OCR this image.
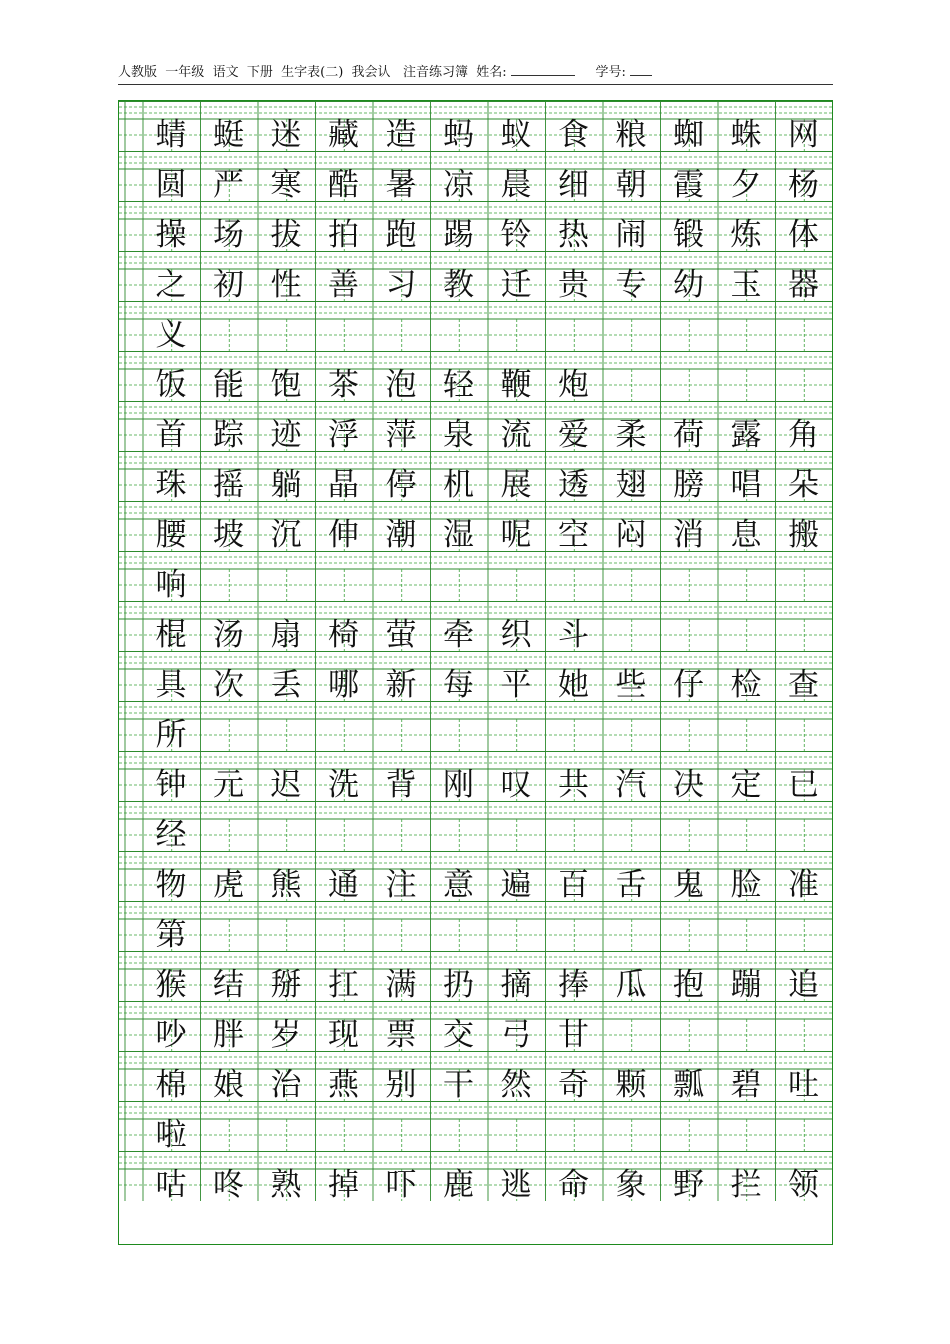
人教版 一年级 语文 下册 生字表(二) 我会认 注音练习簿 姓名:	学号:
蜻 蜓 迷 藏 造 蚂 蚁 食 粮 蜘 蛛 网
圆 严 寒 酷 暑 凉 晨 细 朝 霞 夕 杨
操 场 拔 拍 跑 踢 铃 热 闹 锻 炼 体
之 初 性 善 习 教 迁 贵 专 幼 玉 器
义
饭 能 饱 茶 泡 轻 鞭 炮
首 踪 迹 浮 萍 泉 流 爱 柔 荷 露 角
珠 摇 躺 晶 停 机 展 透 翅 膀 唱 朵
腰 坡 沉 伸 潮 湿 呢 空 闷 消 息 搬
响
棍 汤 扇 椅 萤 牵 织 斗
具 次 丢 哪 新 每 平 她 些 仔 检 查
所
钟 元 迟 洗 背 刚 叹 共 汽 决 定 已
经
物 虎 熊 通 注 意 遍 百 舌 鬼 脸 准
第
猴 结 掰 扛 满 扔 摘 捧 瓜 抱 蹦 追
吵 胖 岁 现 票 交 弓 甘
棉 娘 治 燕 别 干 然 奇 颗 瓢 碧 吐
啦
咕 咚 熟 掉 吓 鹿 逃 命 象 野 拦 领
